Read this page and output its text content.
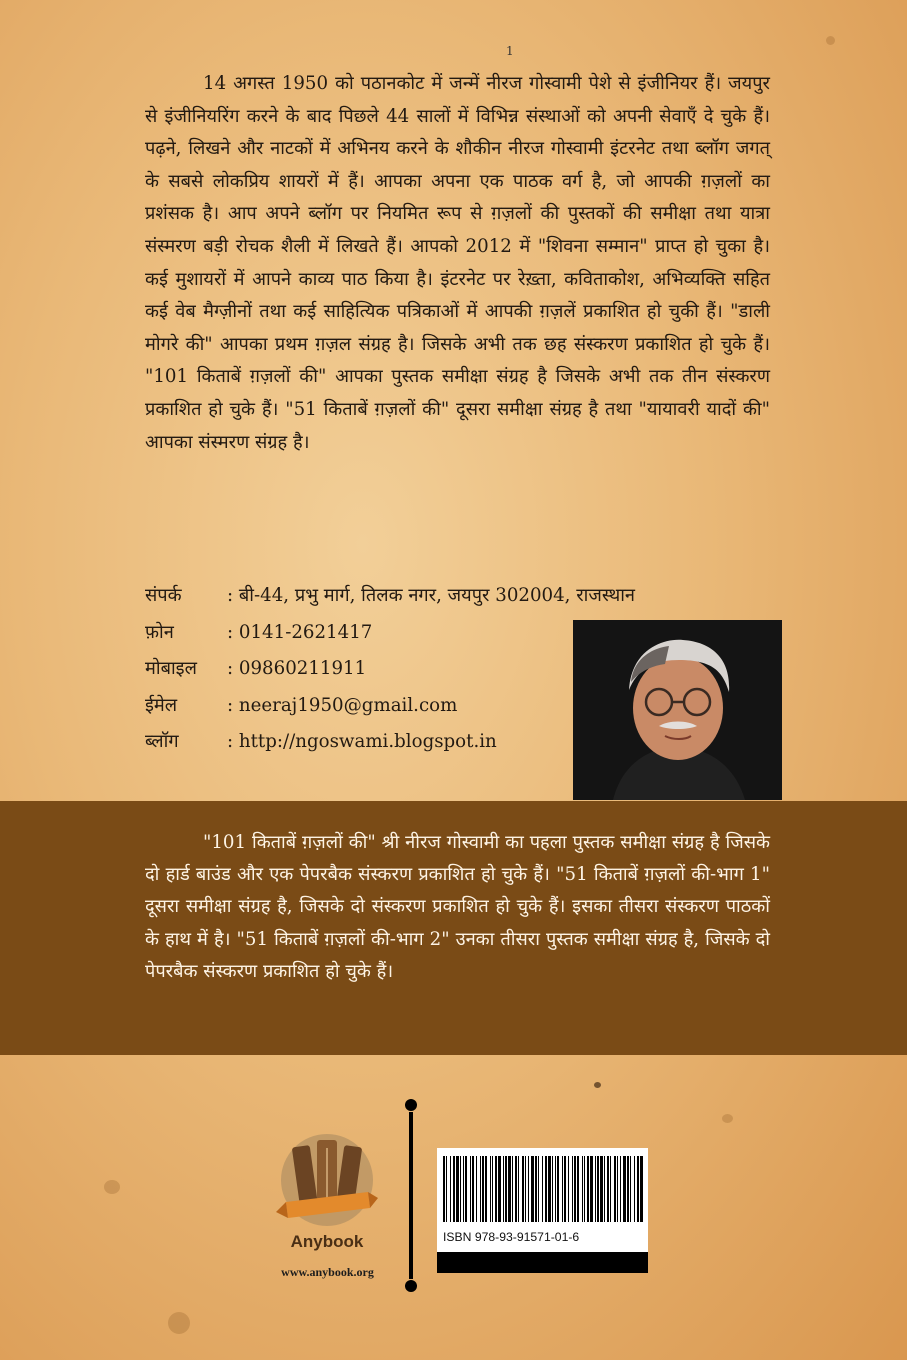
1
14 अगस्त 1950 को पठानकोट में जन्में नीरज गोस्वामी पेशे से इंजीनियर हैं। जयपुर से इंजीनियरिंग करने के बाद पिछले 44 सालों में विभिन्न संस्थाओं को अपनी सेवाएँ दे चुके हैं। पढ़ने, लिखने और नाटकों में अभिनय करने के शौकीन नीरज गोस्वामी इंटरनेट तथा ब्लॉग जगत् के सबसे लोकप्रिय शायरों में हैं। आपका अपना एक पाठक वर्ग है, जो आपकी ग़ज़लों का प्रशंसक है। आप अपने ब्लॉग पर नियमित रूप से ग़ज़लों की पुस्तकों की समीक्षा तथा यात्रा संस्मरण बड़ी रोचक शैली में लिखते हैं। आपको 2012 में "शिवना सम्मान" प्राप्त हो चुका है। कई मुशायरों में आपने काव्य पाठ किया है। इंटरनेट पर रेख़्ता, कविताकोश, अभिव्यक्ति सहित कई वेब मैग्ज़ीनों तथा कई साहित्यिक पत्रिकाओं में आपकी ग़ज़लें प्रकाशित हो चुकी हैं। "डाली मोगरे की" आपका प्रथम ग़ज़ल संग्रह है। जिसके अभी तक छह संस्करण प्रकाशित हो चुके हैं। "101 किताबें ग़ज़लों की" आपका पुस्तक समीक्षा संग्रह है जिसके अभी तक तीन संस्करण प्रकाशित हो चुके हैं। "51 किताबें ग़ज़लों की" दूसरा समीक्षा संग्रह है तथा "यायावरी यादों की" आपका संस्मरण संग्रह है।
संपर्क : बी-44, प्रभु मार्ग, तिलक नगर, जयपुर 302004, राजस्थान
फ़ोन	: 0141-2621417
मोबाइल : 09860211911
ईमेल	: neeraj1950@gmail.com
ब्लॉग	: http://ngoswami.blogspot.in
"101 किताबें ग़ज़लों की" श्री नीरज गोस्वामी का पहला पुस्तक समीक्षा संग्रह है जिसके दो हार्ड बाउंड और एक पेपरबैक संस्करण प्रकाशित हो चुके हैं। "51 किताबें ग़ज़लों की-भाग 1" दूसरा समीक्षा संग्रह है, जिसके दो संस्करण प्रकाशित हो चुके हैं। इसका तीसरा संस्करण पाठकों के हाथ में है। "51 किताबें ग़ज़लों की-भाग 2" उनका तीसरा पुस्तक समीक्षा संग्रह है, जिसके दो पेपरबैक संस्करण प्रकाशित हो चुके हैं।
Anybook
www.anybook.org
ISBN 978-93-91571-01-6
